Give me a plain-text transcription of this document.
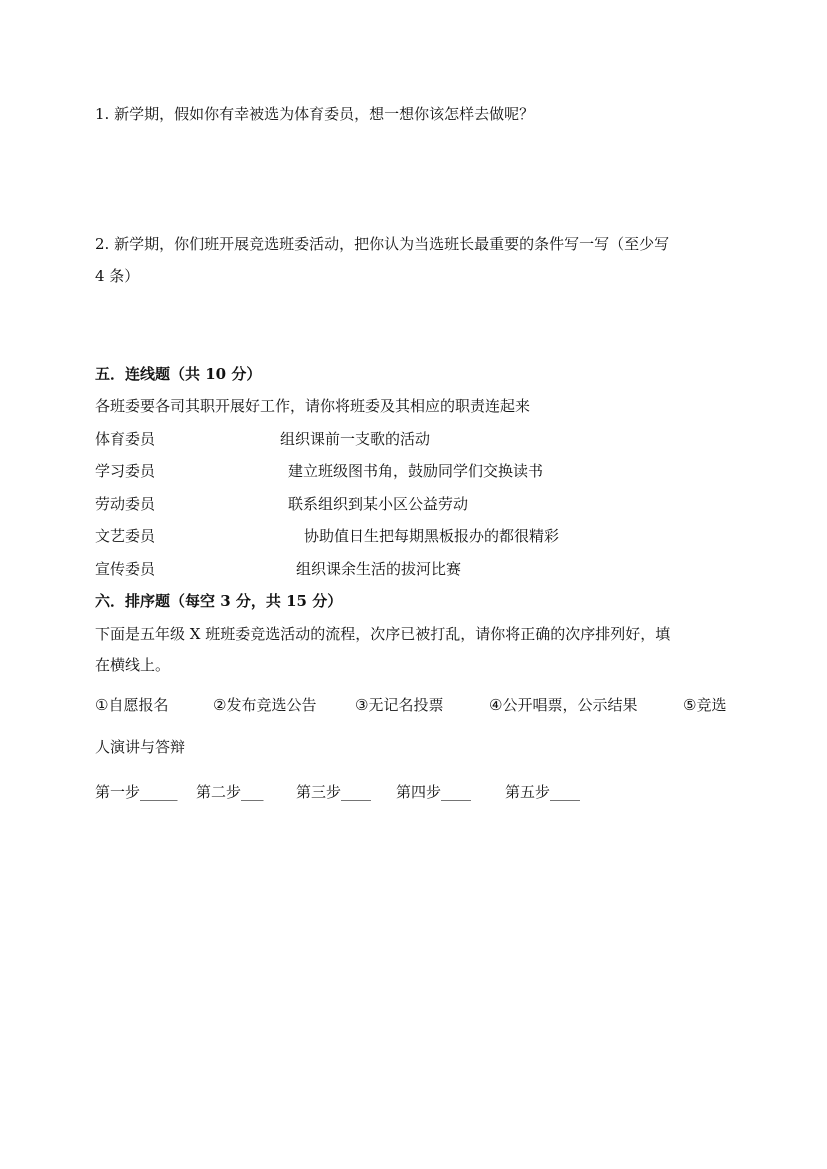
1. 新学期，假如你有幸被选为体育委员，想一想你该怎样去做呢？
2. 新学期，你们班开展竞选班委活动，把你认为当选班长最重要的条件写一写（至少写
4 条）
五．连线题（共 10 分）
各班委要各司其职开展好工作，请你将班委及其相应的职责连起来
体育委员	组织课前一支歌的活动
学习委员	建立班级图书角，鼓励同学们交换读书
劳动委员	联系组织到某小区公益劳动
文艺委员	协助值日生把每期黑板报办的都很精彩
宣传委员	组织课余生活的拔河比赛
六．排序题（每空 3 分，共 15 分）
下面是五年级 X 班班委竞选活动的流程，次序已被打乱，请你将正确的次序排列好，填
在横线上。
①自愿报名	②发布竞选公告	③无记名投票	④公开唱票，公示结果	⑤竞选
人演讲与答辩
第一步_____ 第二步___ 第三步____ 第四步____ 第五步____
